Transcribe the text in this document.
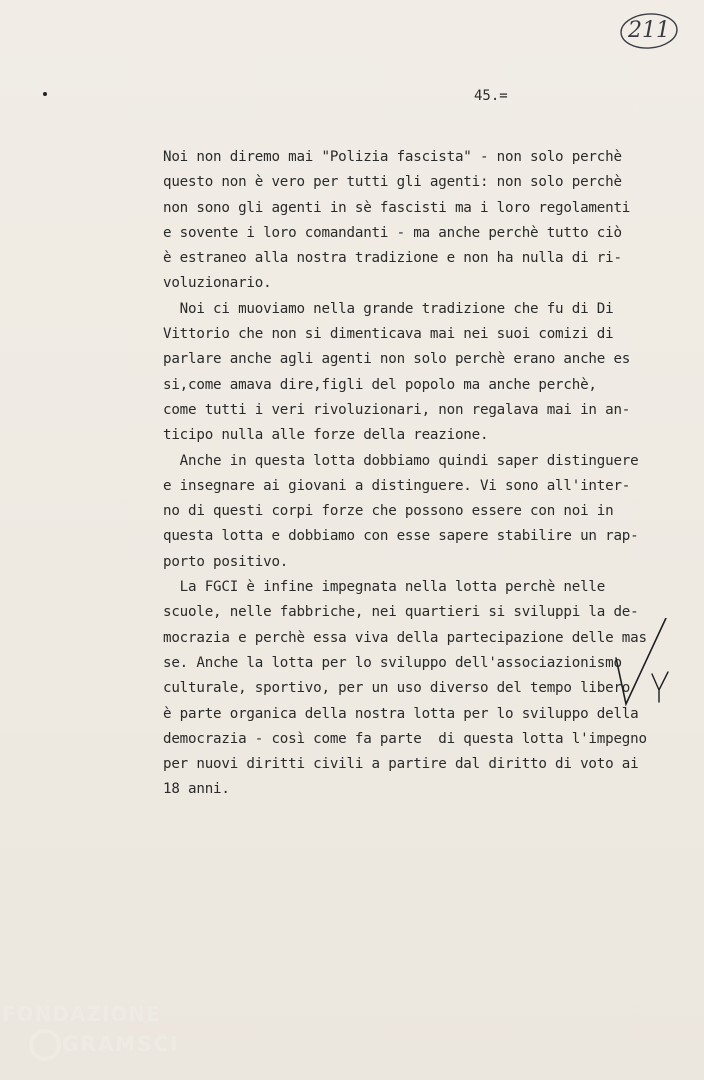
211
45.=
Noi non diremo mai "Polizia fascista" - non solo perchè
questo non è vero per tutti gli agenti: non solo perchè
non sono gli agenti in sè fascisti ma i loro regolamenti
e sovente i loro comandanti - ma anche perchè tutto ciò
è estraneo alla nostra tradizione e non ha nulla di ri-
voluzionario.
Noi ci muoviamo nella grande tradizione che fu di Di
Vittorio che non si dimenticava mai nei suoi comizi di
parlare anche agli agenti non solo perchè erano anche es
si,come amava dire,figli del popolo ma anche perchè,
come tutti i veri rivoluzionari, non regalava mai in an-
ticipo nulla alle forze della reazione.
Anche in questa lotta dobbiamo quindi saper distinguere
e insegnare ai giovani a distinguere. Vi sono all'inter-
no di questi corpi forze che possono essere con noi in
questa lotta e dobbiamo con esse sapere stabilire un rap-
porto positivo.
La FGCI è infine impegnata nella lotta perchè nelle
scuole, nelle fabbriche, nei quartieri si sviluppi la de-
mocrazia e perchè essa viva della partecipazione delle mas
se. Anche la lotta per lo sviluppo dell'associazionismo
culturale, sportivo, per un uso diverso del tempo libero
è parte organica della nostra lotta per lo sviluppo della
democrazia - così come fa parte  di questa lotta l'impegno
per nuovi diritti civili a partire dal diritto di voto ai
18 anni.
FONDAZIONE
GRAMSCI
